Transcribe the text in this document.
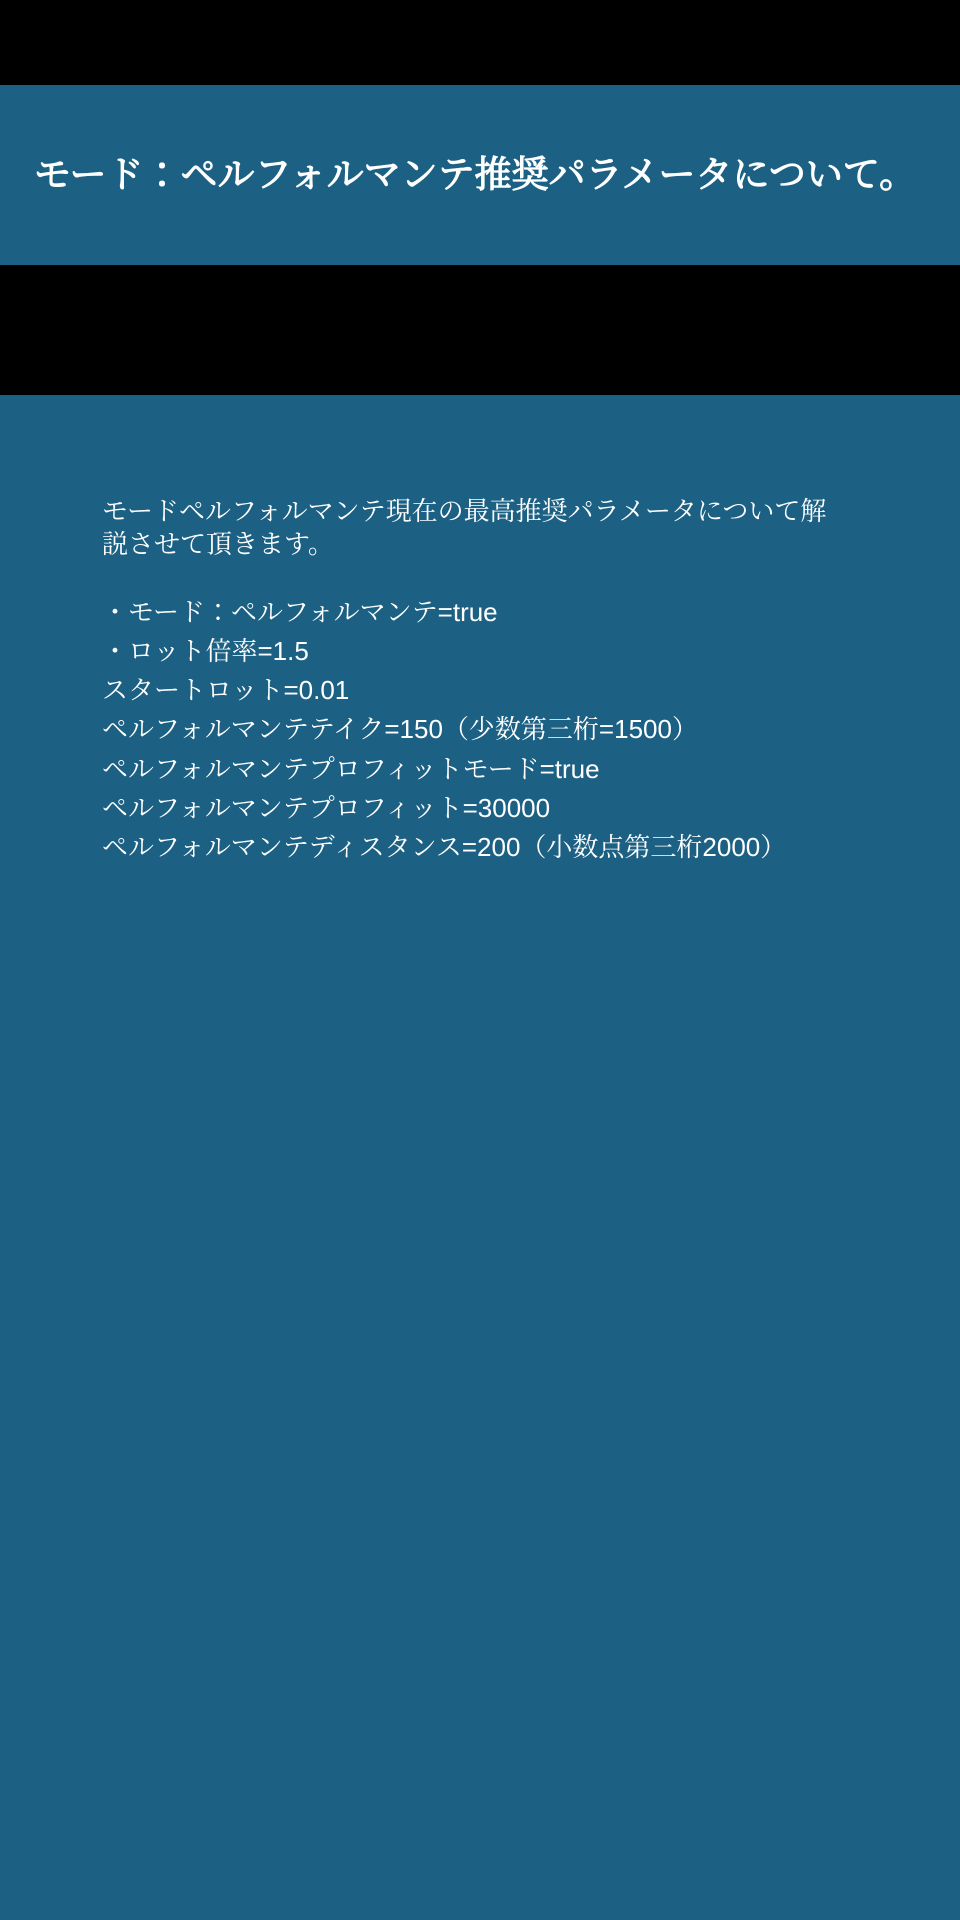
モード：ペルフォルマンテ推奨パラメータについて。

モードペルフォルマンテ現在の最高推奨パラメータについて解説させて頂きます。

・モード：ペルフォルマンテ=true
・ロット倍率=1.5
スタートロット=0.01
ペルフォルマンテテイク=150（少数第三桁=1500）
ペルフォルマンテプロフィットモード=true
ペルフォルマンテプロフィット=30000
ペルフォルマンテディスタンス=200（小数点第三桁2000）
